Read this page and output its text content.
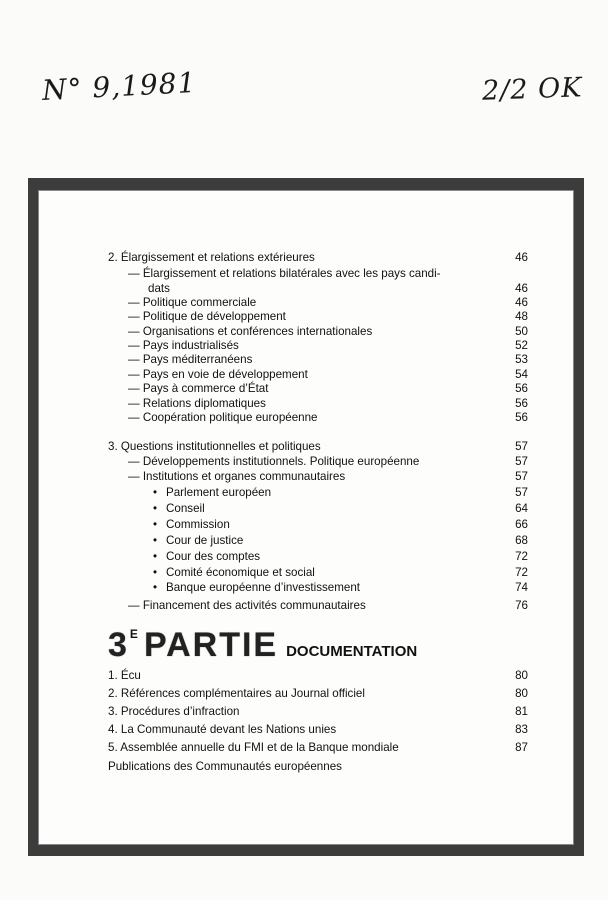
N° 9,1981	2/2 OK
2. Élargissement et relations extérieures	46
— Élargissement et relations bilatérales avec les pays candi-
dats	46
— Politique commerciale	46
— Politique de développement	48
— Organisations et conférences internationales	50
— Pays industrialisés	52
— Pays méditerranéens	53
— Pays en voie de développement	54
— Pays à commerce d’État	56
— Relations diplomatiques	56
— Coopération politique européenne	56
3. Questions institutionnelles et politiques	57
— Développements institutionnels. Politique européenne	57
— Institutions et organes communautaires	57
• Parlement européen	57
• Conseil	64
• Commission	66
• Cour de justice	68
• Cour des comptes	72
• Comité économique et social	72
• Banque européenne d’investissement	74
— Financement des activités communautaires	76
$3^E$ PARTIE DOCUMENTATION
1. Écu	80
2. Références complémentaires au Journal officiel	80
3. Procédures d’infraction	81
4. La Communauté devant les Nations unies	83
5. Assemblée annuelle du FMI et de la Banque mondiale	87
Publications des Communautés européennes
